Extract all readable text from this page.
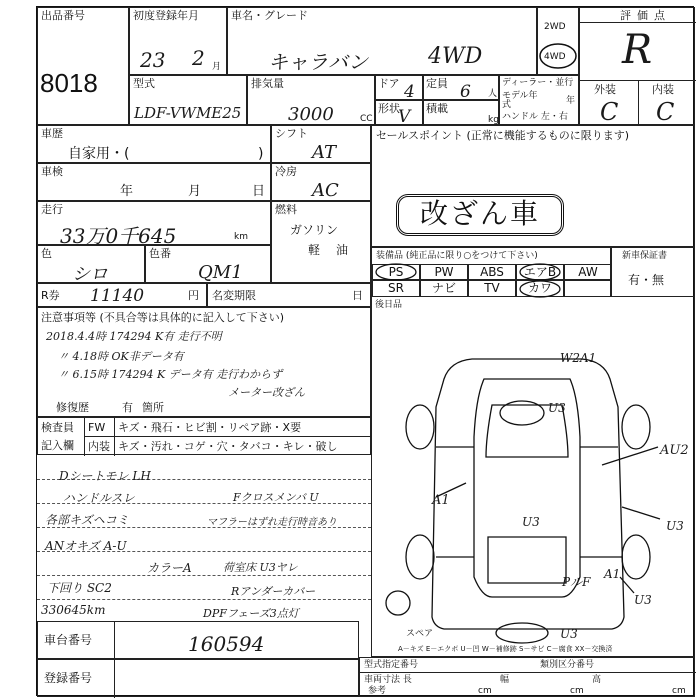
出品番号
8018
初度登録年月
23 2 月
車名・グレード
キャラバン	4WD
2WD
4WD
評価点
R
外装	内装
C C
型式
LDF-VWME25
排気量
3000	CC
ドア 4 定員 6 人
形状
V 積載
kg
ディーラー・並行
モデル年式	年
ハンドル 左・右
車歴
自家用・(	)
シフト
AT
車検
年	月	日
冷房
AC
走行
33万0千645	km
燃料
ガソリン
軽 油
色
シロ
色番
QM1
R券 11140	円 名変期限	日
注意事項等 (不具合等は具体的に記入して下さい)
2018.4.4時 174294 K有 走行不明
〃 4.18時 OK非データ有
〃 6.15時 174294 K データ有 走行わからず
メーター改ざん
修復歴	有 箇所
検査員
記入欄
FW キズ・飛石・ヒビ割・リペア跡・X要
内装 キズ・汚れ・コゲ・穴・タバコ・キレ・破し
Dシートモレ LH
ハンドルスレ
各部キズヘコミ
ANオキズ A-U
カラーA
下回り SC2
330645km
Fクロスメンバ U
マフラーはずれ走行時音あり
荷室床 U3ヤレ
Rアンダーカバー
DPFフェーズ3点灯
車台番号	160594
登録番号
型式指定番号	類別区分番号
車両寸法 長
cm
幅
cm
高
cm
参考
セールスポイント (正常に機能するものに限ります)
改ざん車
装備品 (純正品に限り○をつけて下さい)
PS	PW	ABS	エアB	AW
SR	ナビ	TV	カワ
新車保証書
有・無
後日品
W2A1
U3
AU2
A1
U3
U3
PルF
A1
U3
U3
スペア
A－キズ E－エクボ U－凹 W－補修跡 S－サビ C－腐食 XX－交換済
